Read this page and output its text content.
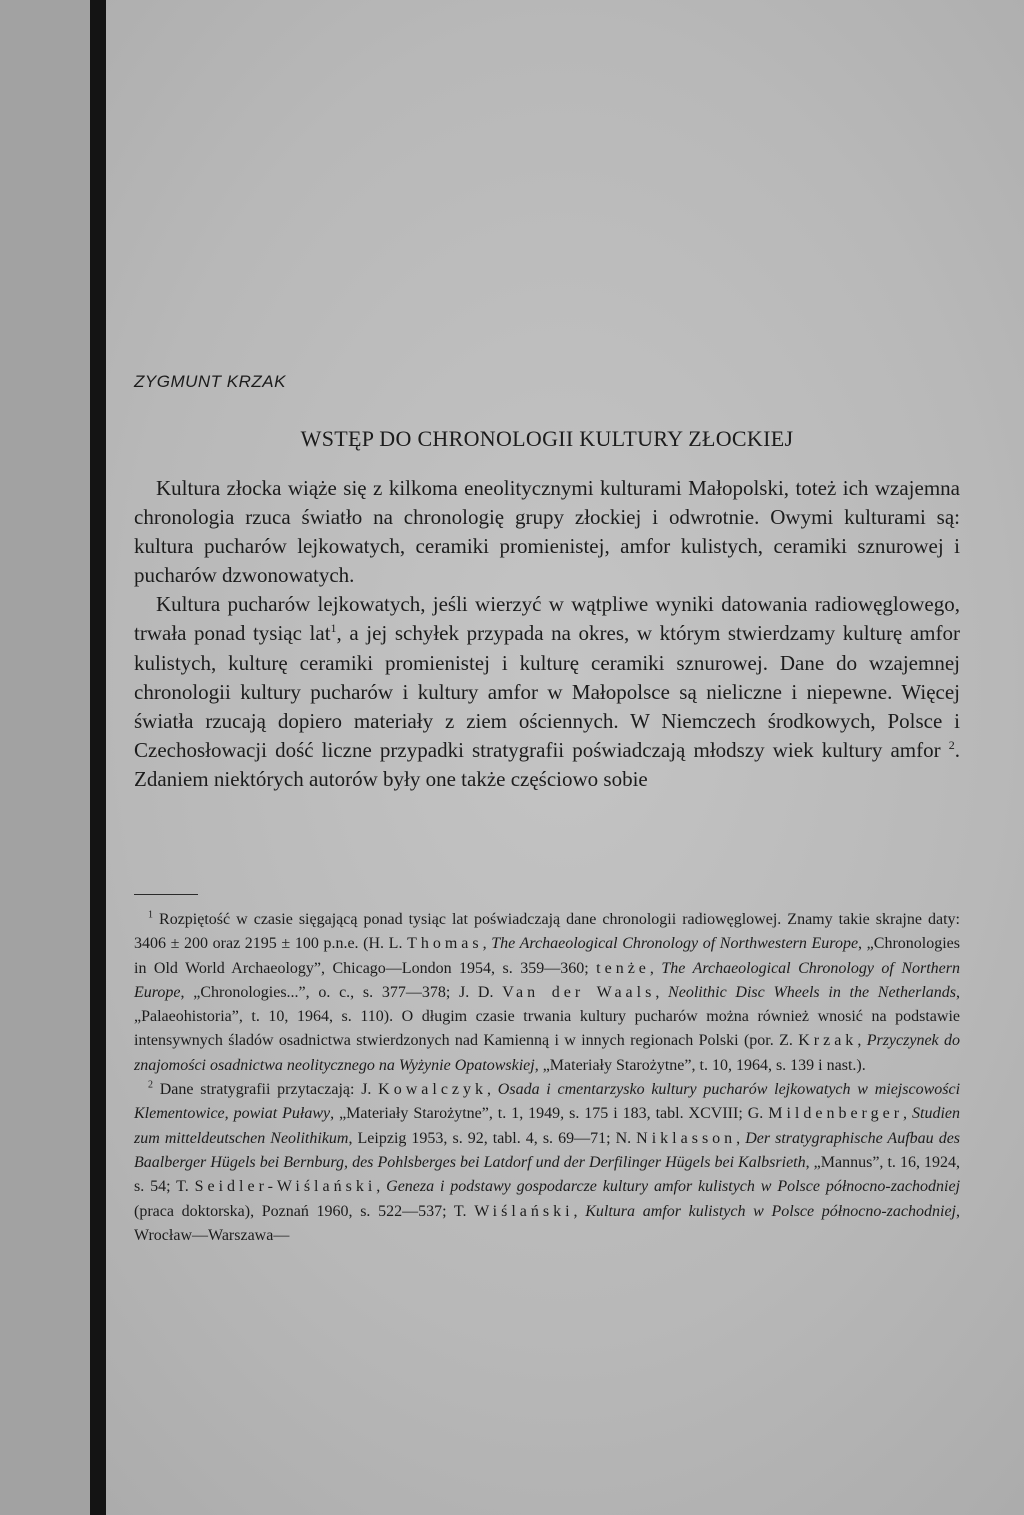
ZYGMUNT KRZAK

WSTĘP DO CHRONOLOGII KULTURY ZŁOCKIEJ

Kultura złocka wiąże się z kilkoma eneolitycznymi kulturami Małopolski, toteż ich wzajemna chronologia rzuca światło na chronologię grupy złockiej i odwrotnie. Owymi kulturami są: kultura pucharów lejkowatych, ceramiki promienistej, amfor kulistych, ceramiki sznurowej i pucharów dzwonowatych.

Kultura pucharów lejkowatych, jeśli wierzyć w wątpliwe wyniki datowania radiowęglowego, trwała ponad tysiąc lat$^1$, a jej schyłek przypada na okres, w którym stwierdzamy kulturę amfor kulistych, kulturę ceramiki promienistej i kulturę ceramiki sznurowej. Dane do wzajemnej chronologii kultury pucharów i kultury amfor w Małopolsce są nieliczne i niepewne. Więcej światła rzucają dopiero materiały z ziem ościennych. W Niemczech środkowych, Polsce i Czechosłowacji dość liczne przypadki stratygrafii poświadczają młodszy wiek kultury amfor $^2$. Zdaniem niektórych autorów były one także częściowo sobie

$^1$ Rozpiętość w czasie sięgającą ponad tysiąc lat poświadczają dane chronologii radiowęglowej. Znamy takie skrajne daty: 3406 ± 200 oraz 2195 ± 100 p.n.e. (H. L. Thomas, The Archaeological Chronology of Northwestern Europe, „Chronologies in Old World Archaeology”, Chicago—London 1954, s. 359—360; tenże, The Archaeological Chronology of Northern Europe, „Chronologies...”, o. c., s. 377—378; J. D. Van der Waals, Neolithic Disc Wheels in the Netherlands, „Palaeohistoria”, t. 10, 1964, s. 110). O długim czasie trwania kultury pucharów można również wnosić na podstawie intensywnych śladów osadnictwa stwierdzonych nad Kamienną i w innych regionach Polski (por. Z. Krzak, Przyczynek do znajomości osadnictwa neolitycznego na Wyżynie Opatowskiej, „Materiały Starożytne”, t. 10, 1964, s. 139 i nast.).

$^2$ Dane stratygrafii przytaczają: J. Kowalczyk, Osada i cmentarzysko kultury pucharów lejkowatych w miejscowości Klementowice, powiat Puławy, „Materiały Starożytne”, t. 1, 1949, s. 175 i 183, tabl. XCVIII; G. Mildenberger, Studien zum mitteldeutschen Neolithikum, Leipzig 1953, s. 92, tabl. 4, s. 69—71; N. Niklasson, Der stratygraphische Aufbau des Baalberger Hügels bei Bernburg, des Pohlsberges bei Latdorf und der Derfilinger Hügels bei Kalbsrieth, „Mannus”, t. 16, 1924, s. 54; T. Seidler-Wiślański, Geneza i podstawy gospodarcze kultury amfor kulistych w Polsce północno-zachodniej (praca doktorska), Poznań 1960, s. 522—537; T. Wiślański, Kultura amfor kulistych w Polsce północno-zachodniej, Wrocław—Warszawa—
